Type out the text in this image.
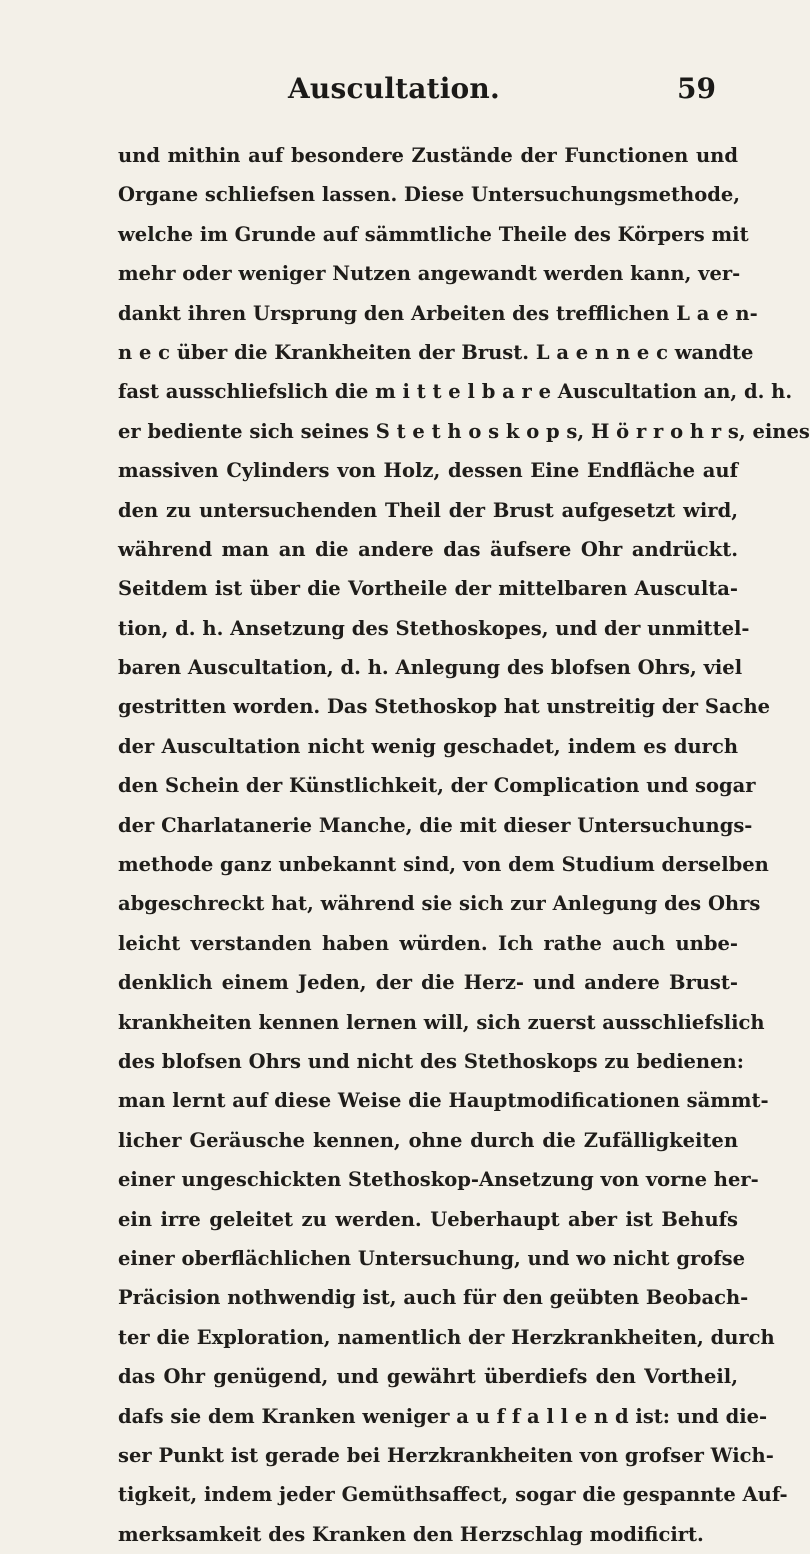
Auscultation.	59
und mithin auf besondere Zustände der Functionen und
Organe schliefsen lassen. Diese Untersuchungsmethode,
welche im Grunde auf sämmtliche Theile des Körpers mit
mehr oder weniger Nutzen angewandt werden kann, ver-
dankt ihren Ursprung den Arbeiten des trefflichen L a e n-
n e c über die Krankheiten der Brust. L a e n n e c wandte
fast ausschliefslich die m i t t e l b a r e Auscultation an, d. h.
er bediente sich seines S t e t h o s k o p s, H ö r r o h r s, eines
massiven Cylinders von Holz, dessen Eine Endfläche auf
den zu untersuchenden Theil der Brust aufgesetzt wird,
während man an die andere das äufsere Ohr andrückt.
Seitdem ist über die Vortheile der mittelbaren Ausculta-
tion, d. h. Ansetzung des Stethoskopes, und der unmittel-
baren Auscultation, d. h. Anlegung des blofsen Ohrs, viel
gestritten worden. Das Stethoskop hat unstreitig der Sache
der Auscultation nicht wenig geschadet, indem es durch
den Schein der Künstlichkeit, der Complication und sogar
der Charlatanerie Manche, die mit dieser Untersuchungs-
methode ganz unbekannt sind, von dem Studium derselben
abgeschreckt hat, während sie sich zur Anlegung des Ohrs
leicht verstanden haben würden. Ich rathe auch unbe-
denklich einem Jeden, der die Herz- und andere Brust-
krankheiten kennen lernen will, sich zuerst ausschliefslich
des blofsen Ohrs und nicht des Stethoskops zu bedienen:
man lernt auf diese Weise die Hauptmodificationen sämmt-
licher Geräusche kennen, ohne durch die Zufälligkeiten
einer ungeschickten Stethoskop-Ansetzung von vorne her-
ein irre geleitet zu werden. Ueberhaupt aber ist Behufs
einer oberflächlichen Untersuchung, und wo nicht grofse
Präcision nothwendig ist, auch für den geübten Beobach-
ter die Exploration, namentlich der Herzkrankheiten, durch
das Ohr genügend, und gewährt überdiefs den Vortheil,
dafs sie dem Kranken weniger a u f f a l l e n d ist: und die-
ser Punkt ist gerade bei Herzkrankheiten von grofser Wich-
tigkeit, indem jeder Gemüthsaffect, sogar die gespannte Auf-
merksamkeit des Kranken den Herzschlag modificirt.
